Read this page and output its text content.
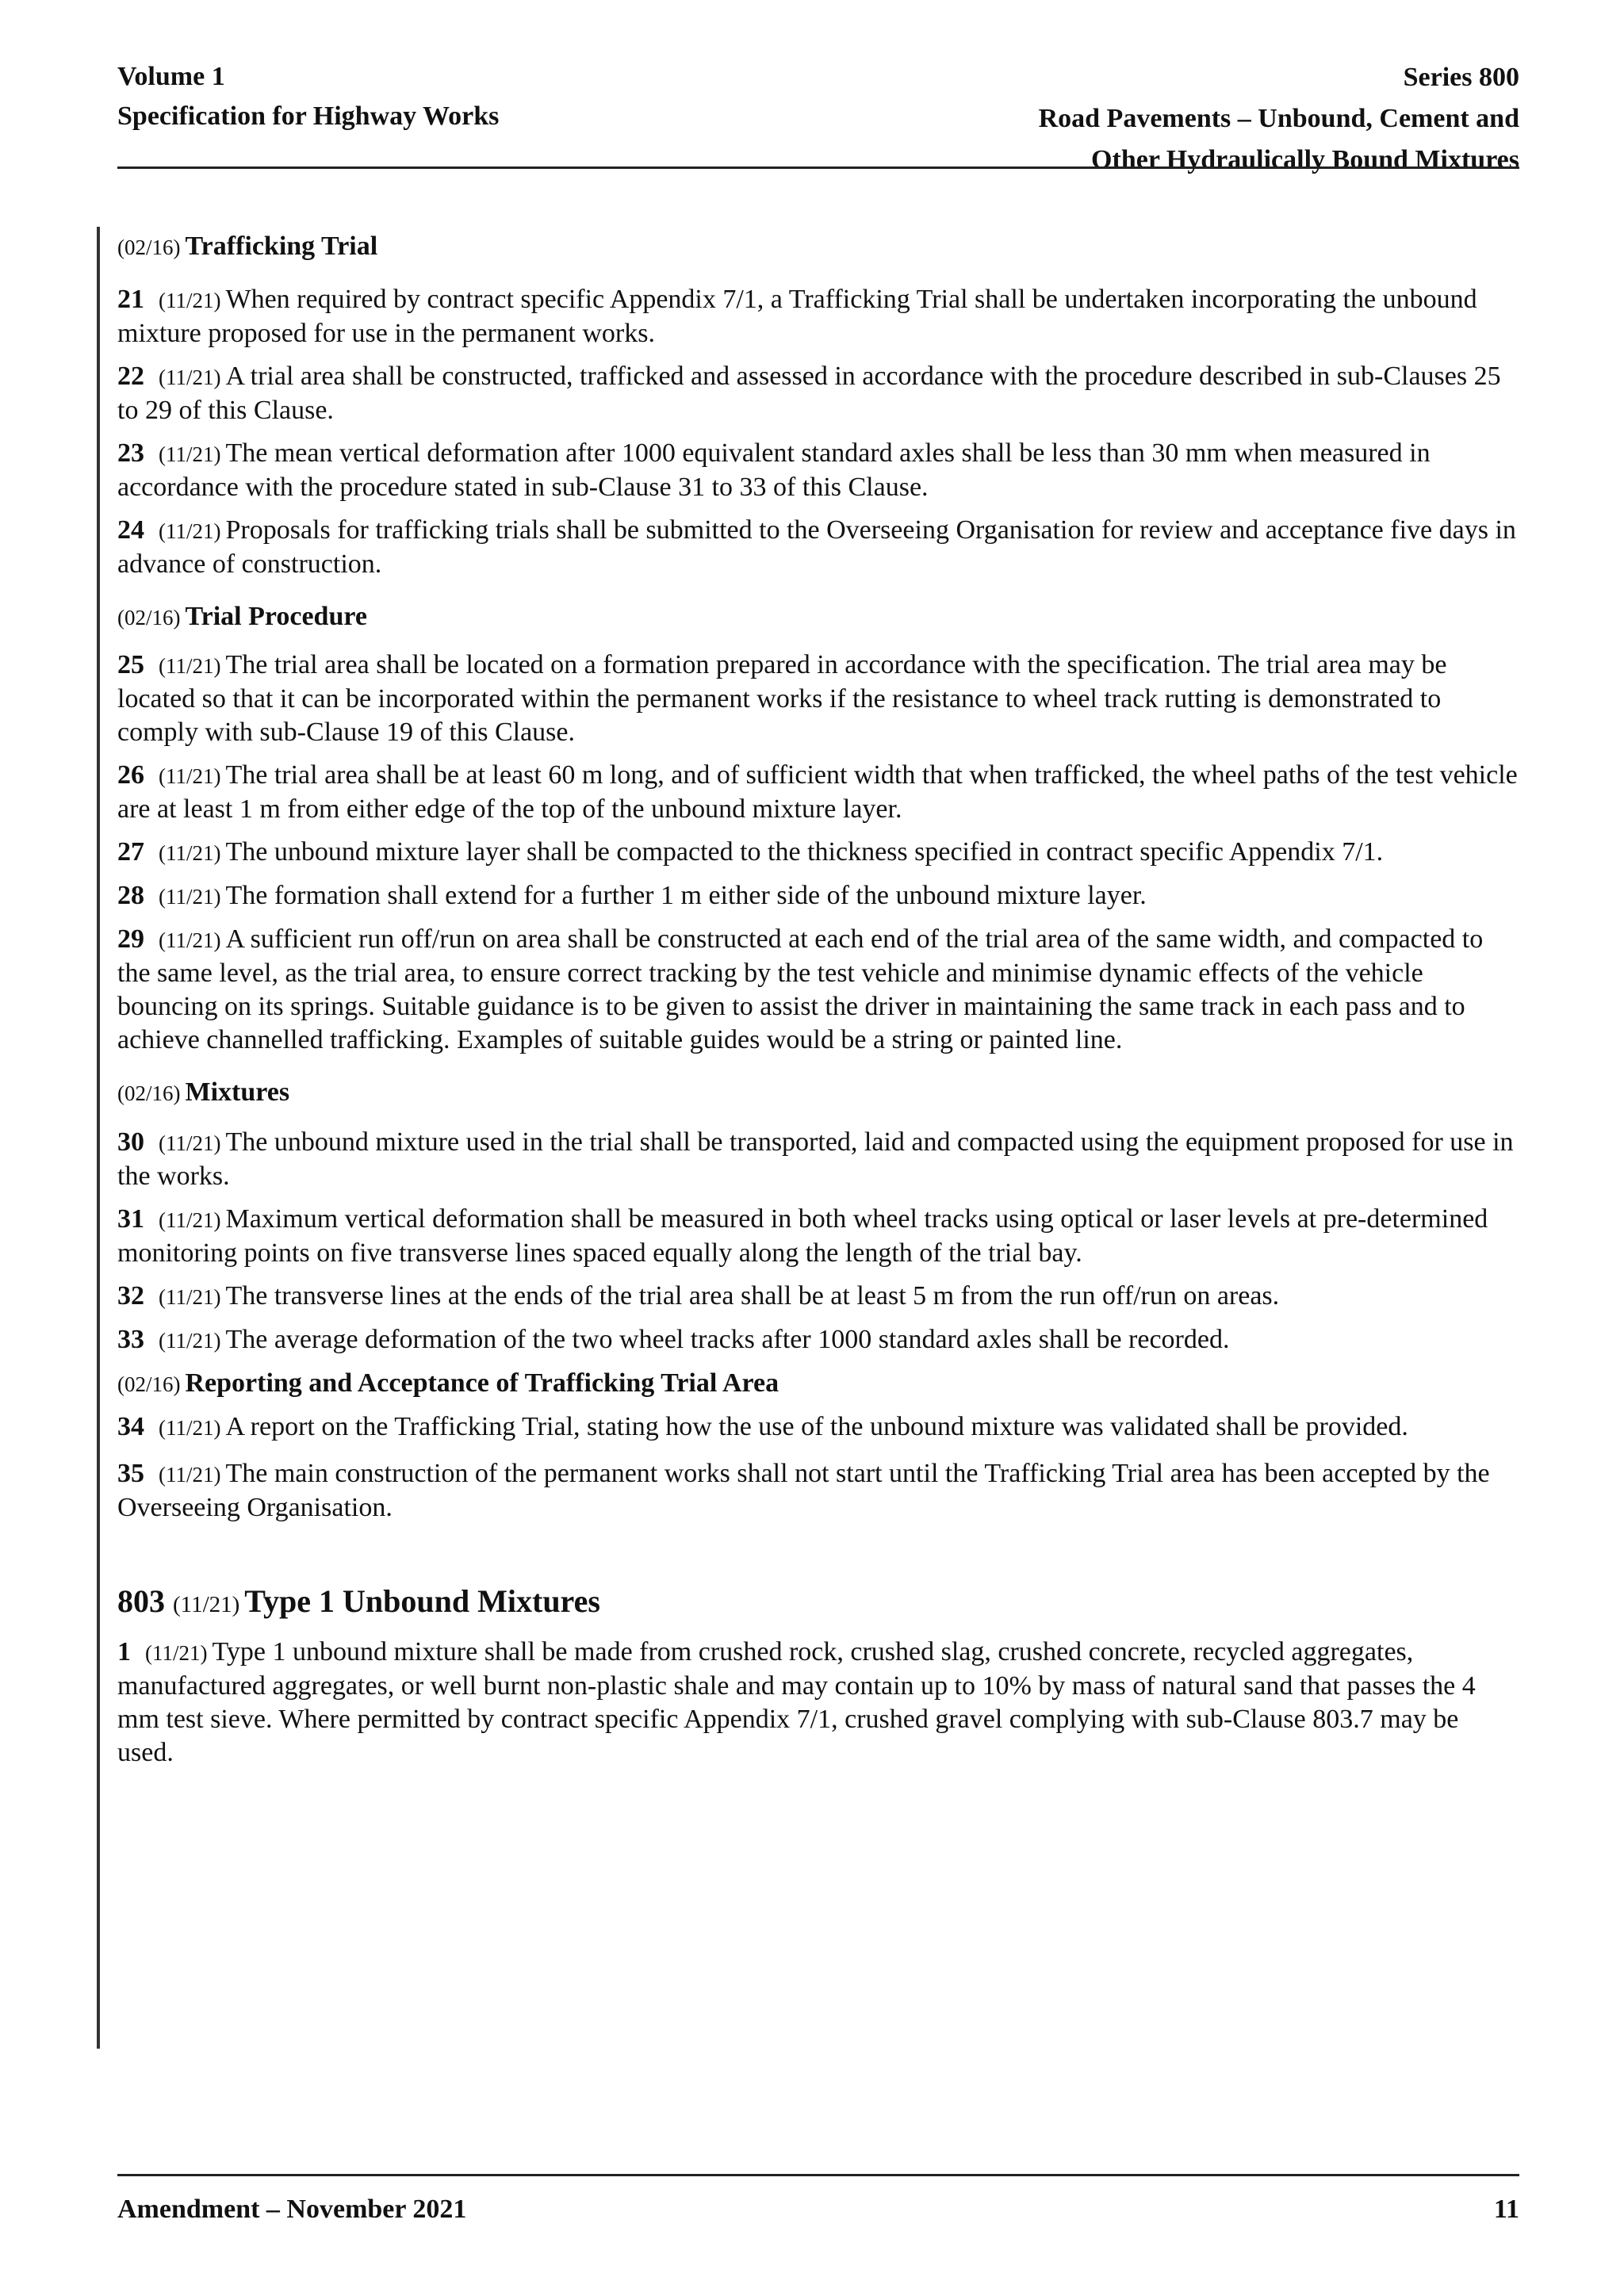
Volume 1
Specification for Highway Works
Series 800
Road Pavements – Unbound, Cement and
Other Hydraulically Bound Mixtures
(02/16) Trafficking Trial
21 (11/21) When required by contract specific Appendix 7/1, a Trafficking Trial shall be undertaken incorporating the unbound mixture proposed for use in the permanent works.
22 (11/21) A trial area shall be constructed, trafficked and assessed in accordance with the procedure described in sub-Clauses 25 to 29 of this Clause.
23 (11/21) The mean vertical deformation after 1000 equivalent standard axles shall be less than 30 mm when measured in accordance with the procedure stated in sub-Clause 31 to 33 of this Clause.
24 (11/21) Proposals for trafficking trials shall be submitted to the Overseeing Organisation for review and acceptance five days in advance of construction.
(02/16) Trial Procedure
25 (11/21) The trial area shall be located on a formation prepared in accordance with the specification. The trial area may be located so that it can be incorporated within the permanent works if the resistance to wheel track rutting is demonstrated to comply with sub-Clause 19 of this Clause.
26 (11/21) The trial area shall be at least 60 m long, and of sufficient width that when trafficked, the wheel paths of the test vehicle are at least 1 m from either edge of the top of the unbound mixture layer.
27 (11/21) The unbound mixture layer shall be compacted to the thickness specified in contract specific Appendix 7/1.
28 (11/21) The formation shall extend for a further 1 m either side of the unbound mixture layer.
29 (11/21) A sufficient run off/run on area shall be constructed at each end of the trial area of the same width, and compacted to the same level, as the trial area, to ensure correct tracking by the test vehicle and minimise dynamic effects of the vehicle bouncing on its springs. Suitable guidance is to be given to assist the driver in maintaining the same track in each pass and to achieve channelled trafficking. Examples of suitable guides would be a string or painted line.
(02/16) Mixtures
30 (11/21) The unbound mixture used in the trial shall be transported, laid and compacted using the equipment proposed for use in the works.
31 (11/21) Maximum vertical deformation shall be measured in both wheel tracks using optical or laser levels at pre-determined monitoring points on five transverse lines spaced equally along the length of the trial bay.
32 (11/21) The transverse lines at the ends of the trial area shall be at least 5 m from the run off/run on areas.
33 (11/21) The average deformation of the two wheel tracks after 1000 standard axles shall be recorded.
(02/16) Reporting and Acceptance of Trafficking Trial Area
34 (11/21) A report on the Trafficking Trial, stating how the use of the unbound mixture was validated shall be provided.
35 (11/21) The main construction of the permanent works shall not start until the Trafficking Trial area has been accepted by the Overseeing Organisation.
803 (11/21) Type 1 Unbound Mixtures
1 (11/21) Type 1 unbound mixture shall be made from crushed rock, crushed slag, crushed concrete, recycled aggregates, manufactured aggregates, or well burnt non-plastic shale and may contain up to 10% by mass of natural sand that passes the 4 mm test sieve. Where permitted by contract specific Appendix 7/1, crushed gravel complying with sub-Clause 803.7 may be used.
Amendment – November 2021	11
